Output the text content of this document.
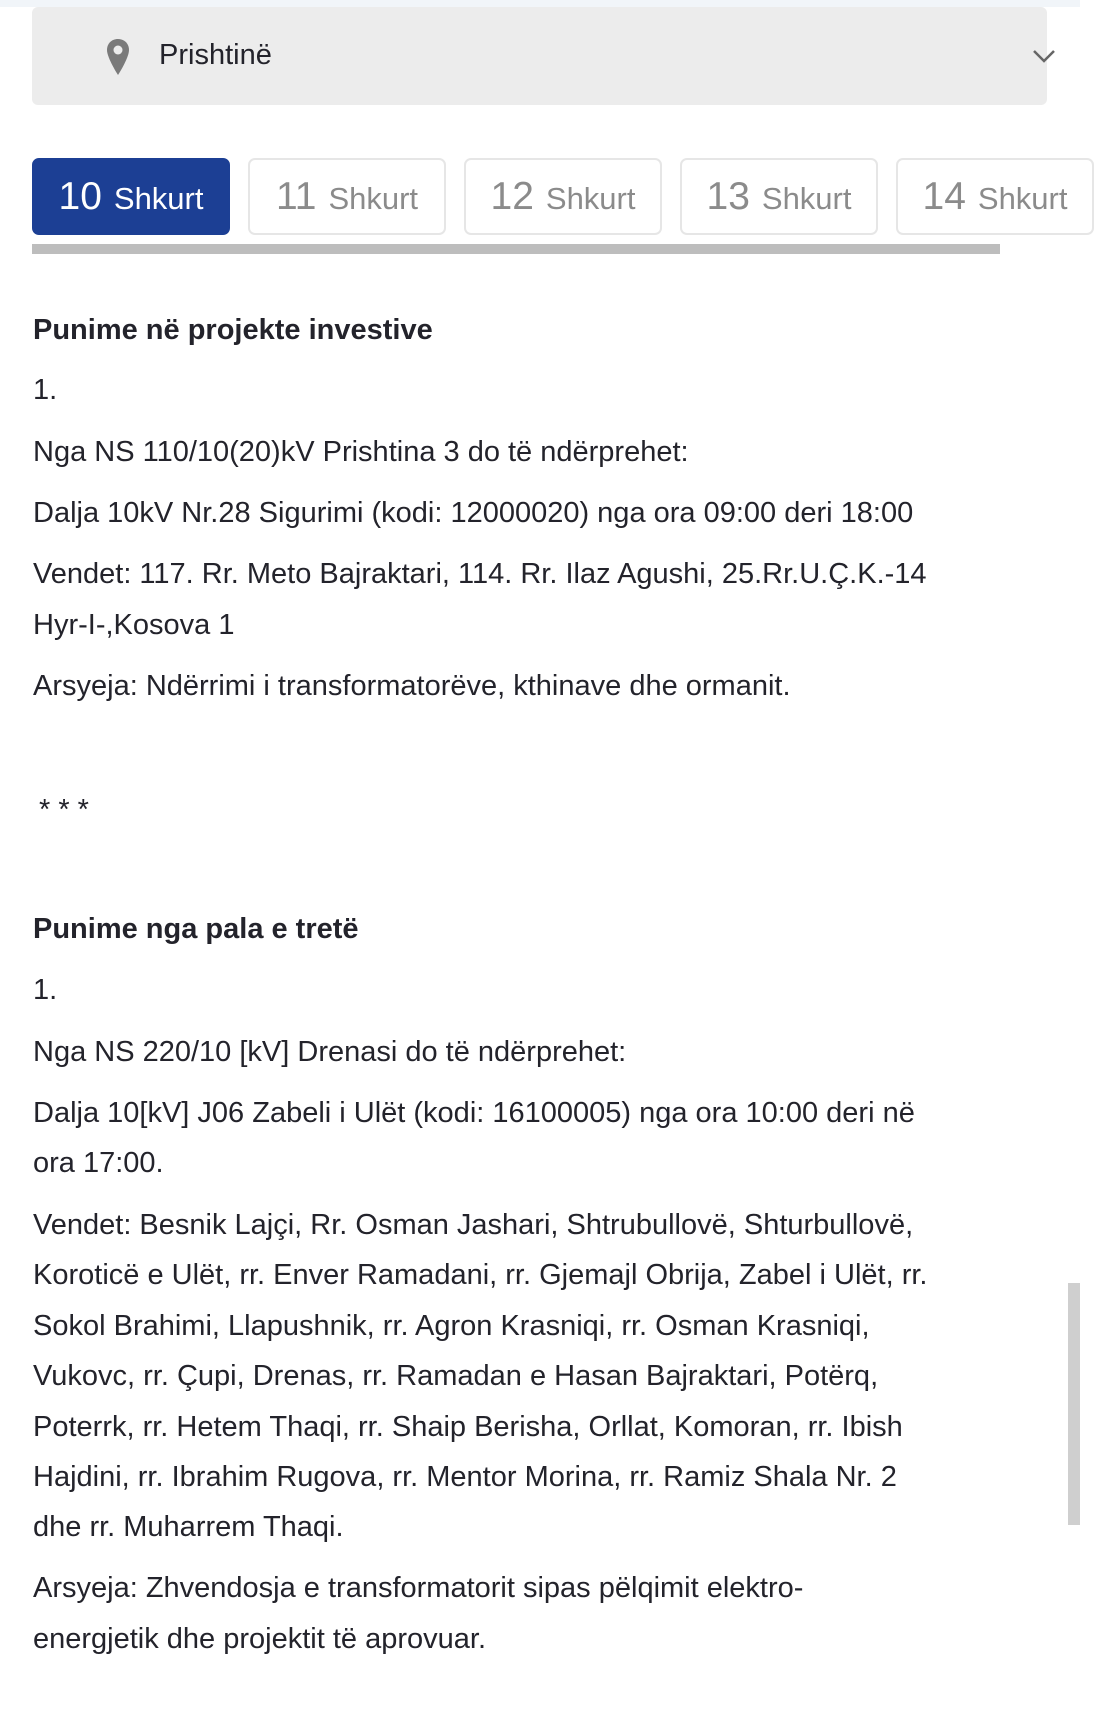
Prishtinë
10 Shkurt 11 Shkurt 12 Shkurt 13 Shkurt 14 Shkurt
Punime në projekte investive
1.
Nga NS 110/10(20)kV Prishtina 3 do të ndërprehet:
Dalja 10kV Nr.28 Sigurimi (kodi: 12000020) nga ora 09:00 deri 18:00
Vendet: 117. Rr. Meto Bajraktari, 114. Rr. Ilaz Agushi, 25.Rr.U.Ç.K.-14
Hyr-I-,Kosova 1
Arsyeja: Ndërrimi i transformatorëve, kthinave dhe ormanit.
* * *
Punime nga pala e tretë
1.
Nga NS 220/10 [kV] Drenasi do të ndërprehet:
Dalja 10[kV] J06 Zabeli i Ulët (kodi: 16100005) nga ora 10:00 deri në
ora 17:00.
Vendet: Besnik Lajçi, Rr. Osman Jashari, Shtrubullovë, Shturbullovë,
Koroticë e Ulët, rr. Enver Ramadani, rr. Gjemajl Obrija, Zabel i Ulët, rr.
Sokol Brahimi, Llapushnik, rr. Agron Krasniqi, rr. Osman Krasniqi,
Vukovc, rr. Çupi, Drenas, rr. Ramadan e Hasan Bajraktari, Potërq,
Poterrk, rr. Hetem Thaqi, rr. Shaip Berisha, Orllat, Komoran, rr. Ibish
Hajdini, rr. Ibrahim Rugova, rr. Mentor Morina, rr. Ramiz Shala Nr. 2
dhe rr. Muharrem Thaqi.
Arsyeja: Zhvendosja e transformatorit sipas pëlqimit elektro-
energjetik dhe projektit të aprovuar.
